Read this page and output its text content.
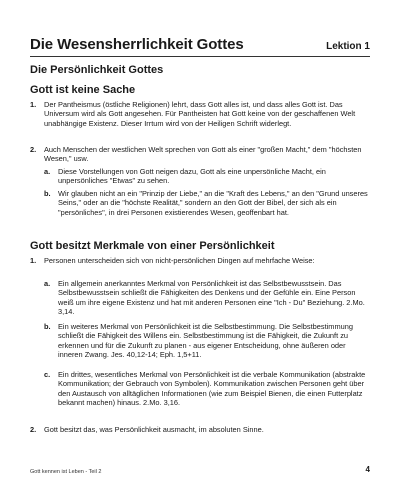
Die Wesensherrlichkeit Gottes	Lektion 1
Die Persönlichkeit Gottes
Gott ist keine Sache
1. Der Pantheismus (östliche Religionen) lehrt, dass Gott alles ist, und dass alles Gott ist. Das Universum wird als Gott angesehen. Für Pantheisten hat Gott keine von der geschaffenen Welt unabhängige Existenz. Dieser Irrtum wird von der Heiligen Schrift widerlegt.
2. Auch Menschen der westlichen Welt sprechen von Gott als einer "großen Macht," dem "höchsten Wesen," usw.
a. Diese Vorstellungen von Gott neigen dazu, Gott als eine unpersönliche Macht, ein unpersönliches "Etwas" zu sehen.
b. Wir glauben nicht an ein "Prinzip der Liebe," an die "Kraft des Lebens," an den "Grund unseres Seins," oder an die "höchste Realität," sondern an den Gott der Bibel, der sich als ein "persönliches", in drei Personen existierendes Wesen, geoffenbart hat.
Gott besitzt Merkmale von einer Persönlichkeit
1. Personen unterscheiden sich von nicht-persönlichen Dingen auf mehrfache Weise:
a. Ein allgemein anerkanntes Merkmal von Persönlichkeit ist das Selbstbewusstsein. Das Selbstbewusstsein schließt die Fähigkeiten des Denkens und der Gefühle ein. Eine Person weiß um ihre eigene Existenz und hat mit anderen Personen eine "Ich - Du" Beziehung. 2.Mo. 3,14.
b. Ein weiteres Merkmal von Persönlichkeit ist die Selbstbestimmung. Die Selbstbestimmung schließt die Fähigkeit des Willens ein. Selbstbestimmung ist die Fähigkeit, die Zukunft zu erkennen und für die Zukunft zu planen - aus eigener Entscheidung, ohne äußeren oder inneren Zwang. Jes. 40,12-14; Eph. 1,5+11.
c. Ein drittes, wesentliches Merkmal von Persönlichkeit ist die verbale Kommunikation (abstrakte Kommunikation; der Gebrauch von Symbolen). Kommunikation zwischen Personen geht über den Austausch von alltäglichen Informationen (wie zum Beispiel Bienen, die einen Futterplatz bekannt machen) hinaus. 2.Mo. 3,16.
2. Gott besitzt das, was Persönlichkeit ausmacht, im absoluten Sinne.
Gott kennen ist Leben - Teil 2	4
